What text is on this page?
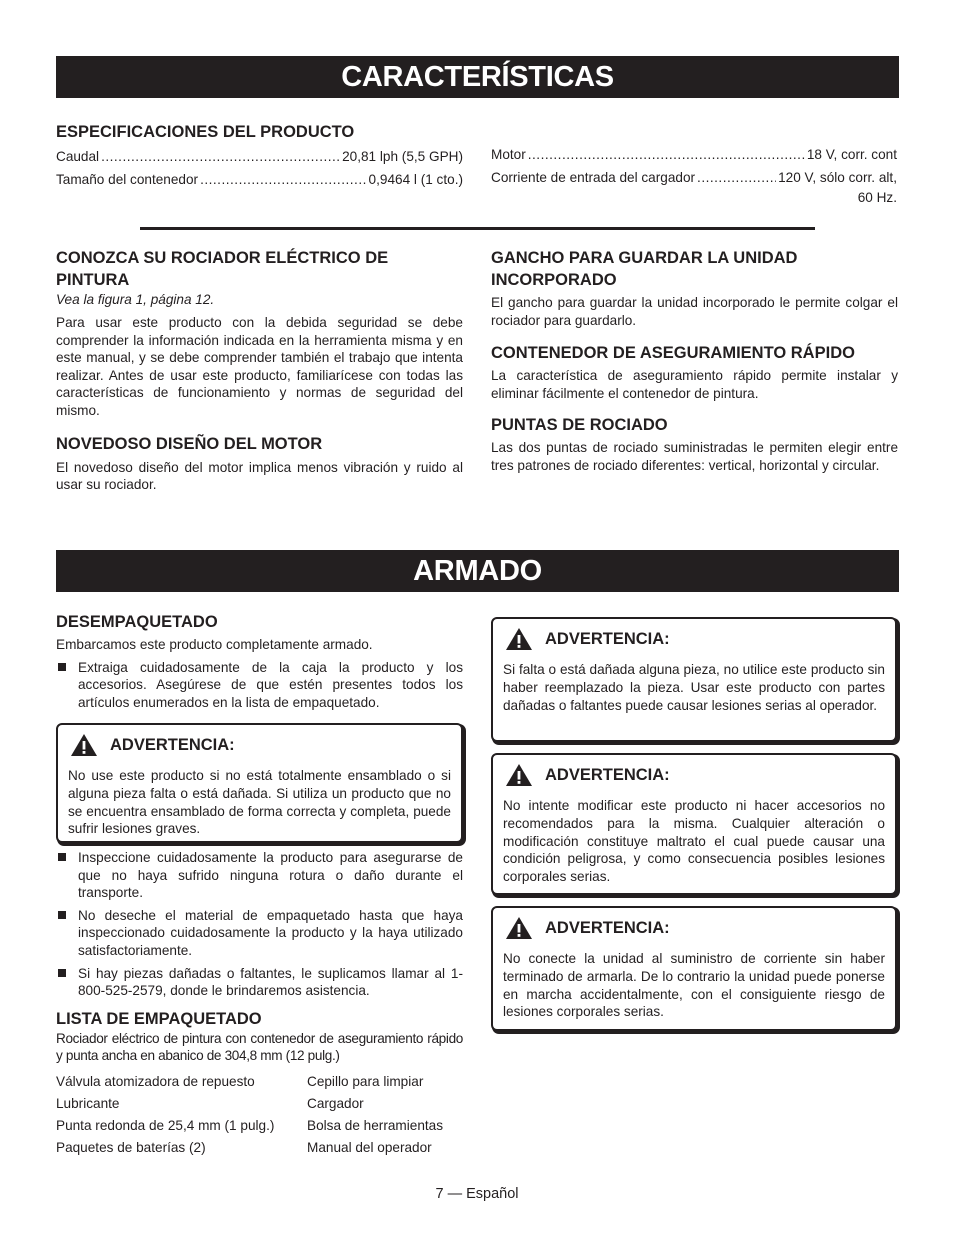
CARACTERÍSTICAS
ESPECIFICACIONES DEL PRODUCTO
Caudal .....	20,81 lph (5,5 GPH)
Tamaño del contenedor .....	0,9464 l (1 cto.)
Motor .....	18 V, corr. cont
Corriente de entrada del cargador .....	120 V, sólo corr. alt,
60 Hz.
CONOZCA SU ROCIADOR ELÉCTRICO DE PINTURA

Vea la figura 1, página 12.

Para usar este producto con la debida seguridad se debe comprender la información indicada en la herramienta misma y en este manual, y se debe comprender también el trabajo que intenta realizar. Antes de usar este producto, familiarícese con todas las características de funcionamiento y normas de seguridad del mismo.

NOVEDOSO DISEÑO DEL MOTOR

El novedoso diseño del motor implica menos vibración y ruido al usar su rociador.

GANCHO PARA GUARDAR LA UNIDAD INCORPORADO

El gancho para guardar la unidad incorporado le permite colgar el rociador para guardarlo.

CONTENEDOR DE ASEGURAMIENTO RÁPIDO

La característica de aseguramiento rápido permite instalar y eliminar fácilmente el contenedor de pintura.

PUNTAS DE ROCIADO

Las dos puntas de rociado suministradas le permiten elegir entre tres patrones de rociado diferentes: vertical, horizontal y circular.

ARMADO
DESEMPAQUETADO

Embarcamos este producto completamente armado.

Extraiga cuidadosamente de la caja la producto y los accesorios. Asegúrese de que estén presentes todos los artículos enumerados en la lista de empaquetado.
ADVERTENCIA:

No use este producto si no está totalmente ensamblado o si alguna pieza falta o está dañada. Si utiliza un producto que no se encuentra ensamblado de forma correcta y completa, puede sufrir lesiones graves.

Inspeccione cuidadosamente la producto para asegurarse de que no haya sufrido ninguna rotura o daño durante el transporte.
No deseche el material de empaquetado hasta que haya inspeccionado cuidadosamente la producto y la haya utilizado satisfactoriamente.
Si hay piezas dañadas o faltantes, le suplicamos llamar al 1-800-525-2579, donde le brindaremos asistencia.
LISTA DE EMPAQUETADO

Rociador eléctrico de pintura con contenedor de aseguramiento rápido y punta ancha en abanico de 304,8 mm (12 pulg.)

Válvula atomizadora de repuesto	Cepillo para limpiar
Lubricante	Cargador
Punta redonda de 25,4 mm (1 pulg.)	Bolsa de herramientas
Paquetes de baterías (2)	Manual del operador
ADVERTENCIA:

Si falta o está dañada alguna pieza, no utilice este producto sin haber reemplazado la pieza. Usar este producto con partes dañadas o faltantes puede causar lesiones serias al operador.

ADVERTENCIA:

No intente modificar este producto ni hacer accesorios no recomendados para la misma. Cualquier alteración o modificación constituye maltrato el cual puede causar una condición peligrosa, y como consecuencia posibles lesiones corporales serias.

ADVERTENCIA:

No conecte la unidad al suministro de corriente sin haber terminado de armarla. De lo contrario la unidad puede ponerse en marcha accidentalmente, con el consiguiente riesgo de lesiones corporales serias.

7 — Español
